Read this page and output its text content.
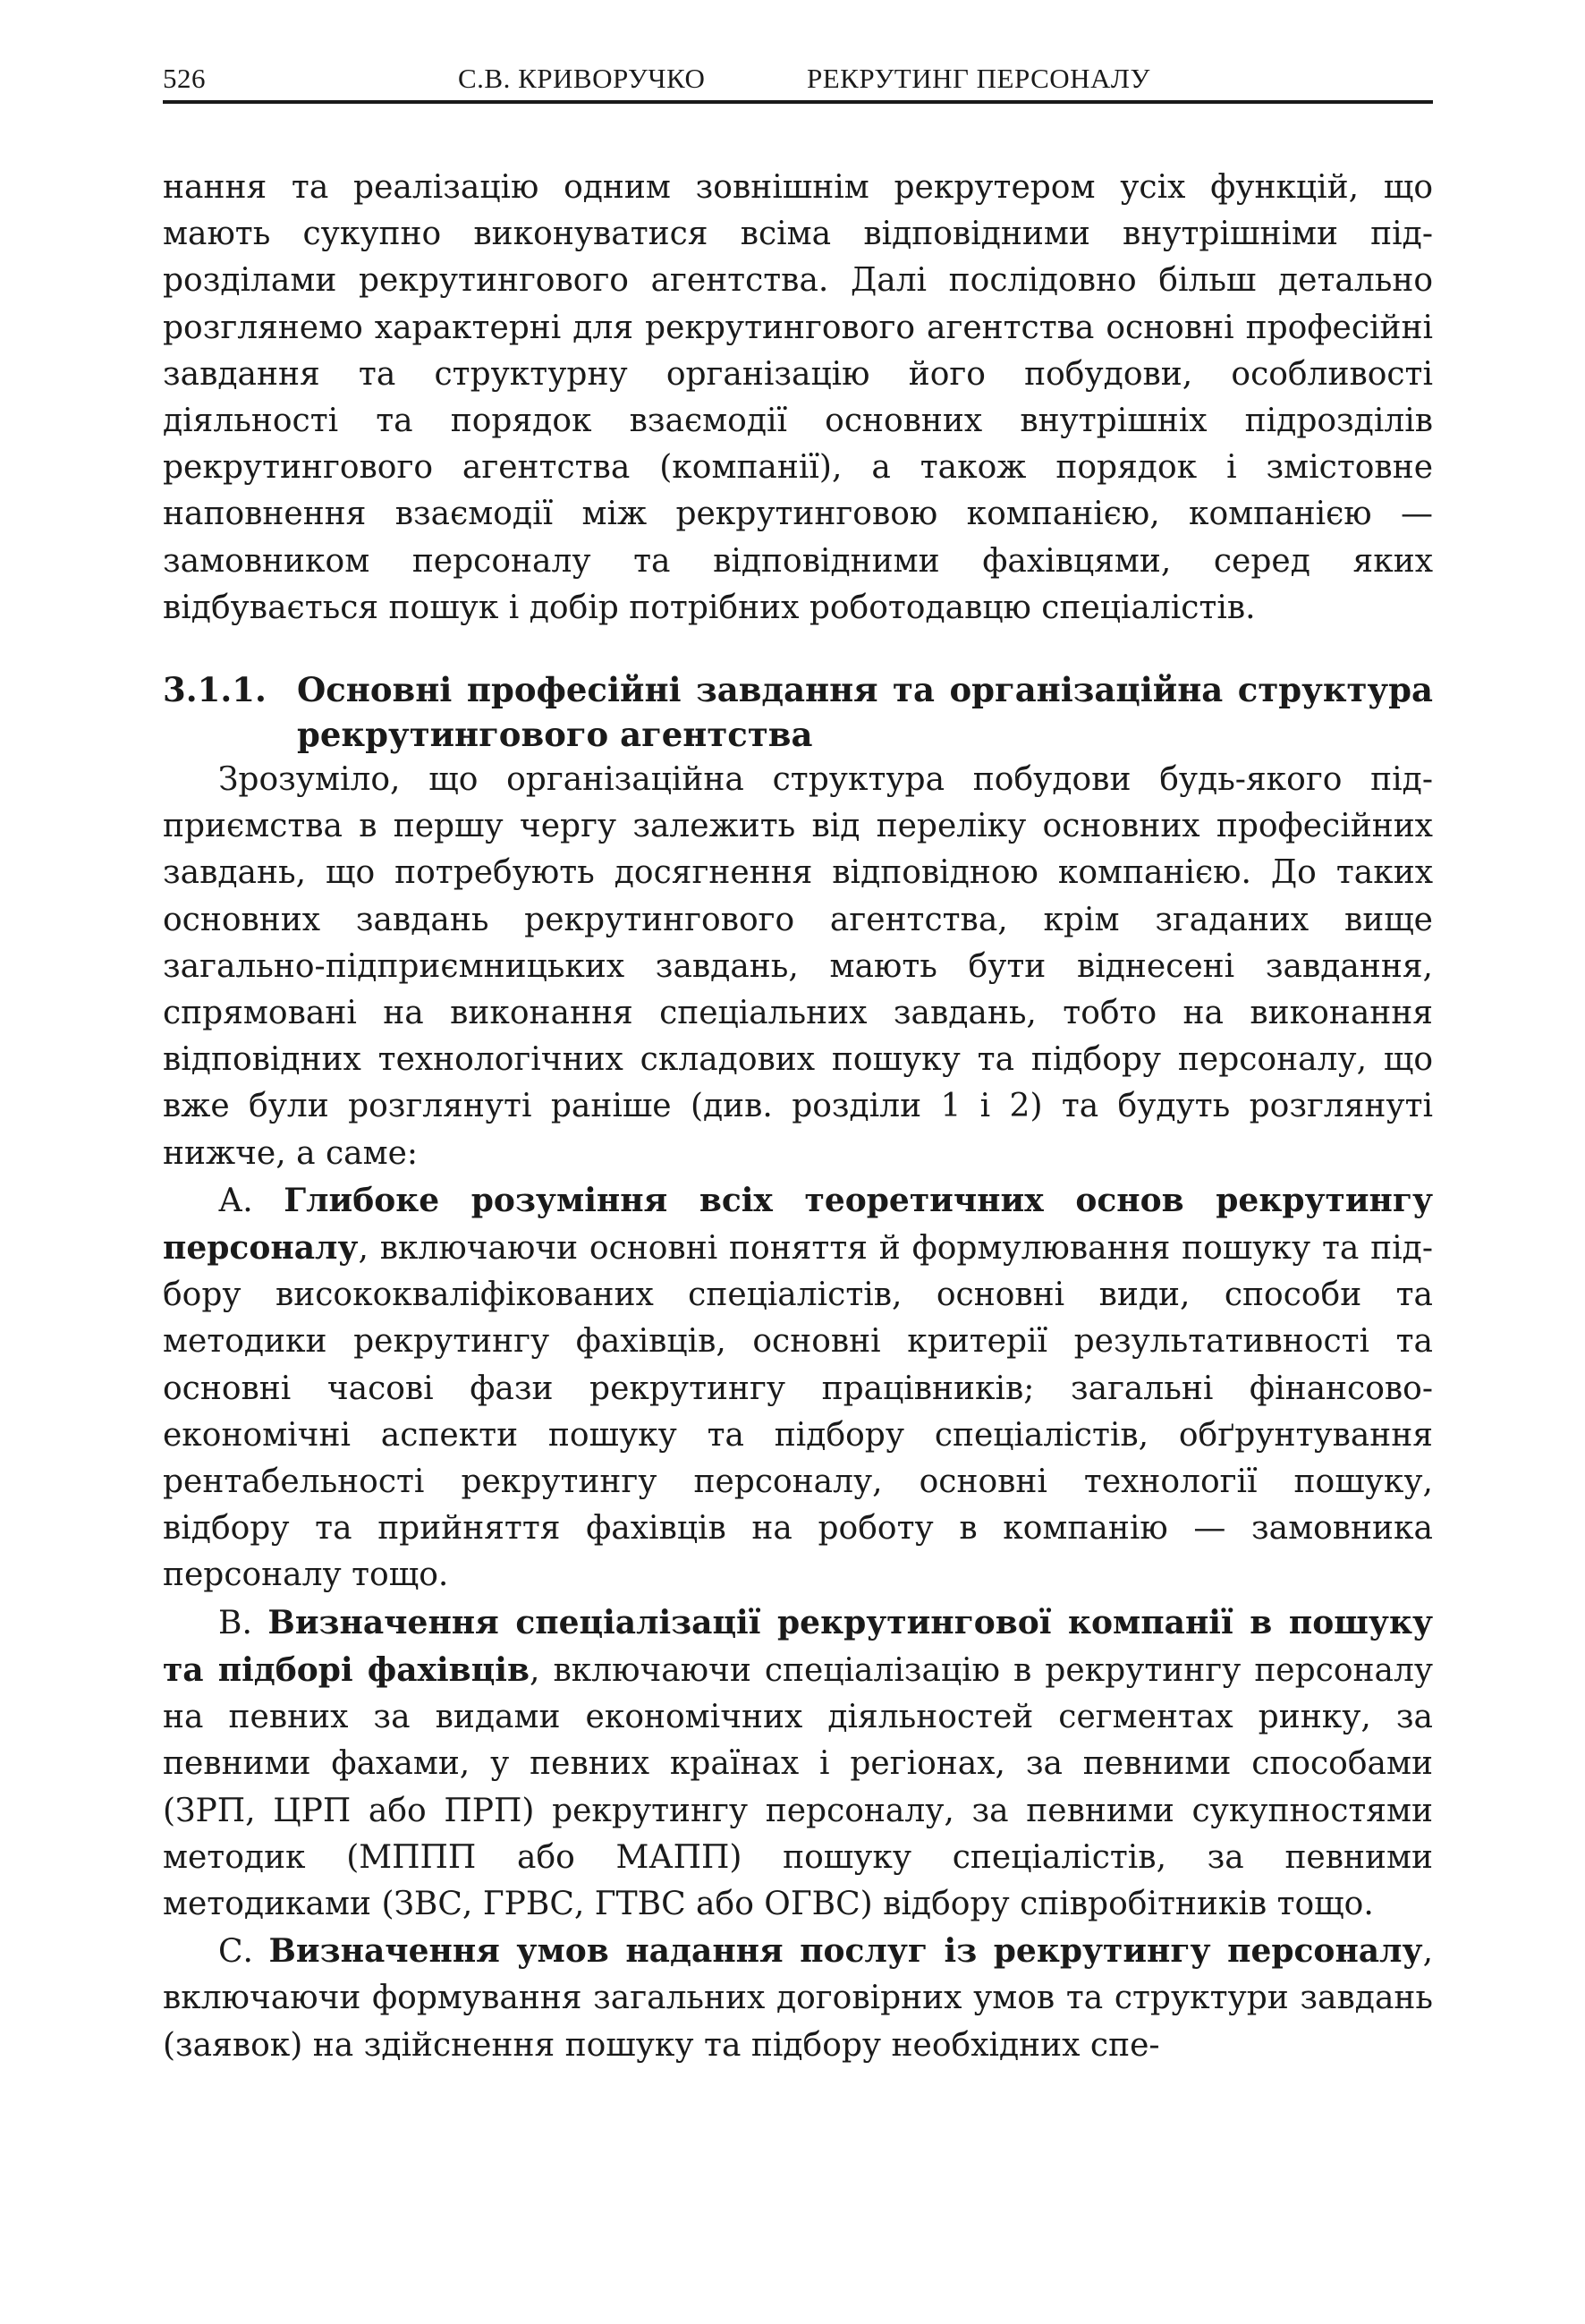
526	С.В. КРИВОРУЧКО	РЕКРУТИНГ ПЕРСОНАЛУ

нання та реалізацію одним зовнішнім рекрутером усіх функцій, що мають сукупно виконуватися всіма відповідними внутрішніми підрозділами рекрутингового агентства. Далі послідовно більш детально розглянемо характерні для рекрутингового агентства основні професійні завдання та структурну організацію його побудови, особливості діяльності та порядок взаємодії основних внутрішніх підрозділів рекрутингового агентства (компанії), а також порядок і змістовне наповнення взаємодії між рекрутинговою компанією, компанією — замовником персоналу та відповідними фахівцями, серед яких відбувається пошук і добір потрібних роботодавцю спеціалістів.

3.1.1. Основні професійні завдання та організаційна структура рекрутингового агентства

Зрозуміло, що організаційна структура побудови будь-якого підприємства в першу чергу залежить від переліку основних професійних завдань, що потребують досягнення відповідною компанією. До таких основних завдань рекрутингового агентства, крім згаданих вище загально-підприємницьких завдань, мають бути віднесені завдання, спрямовані на виконання спеціальних завдань, тобто на виконання відповідних технологічних складових пошуку та підбору персоналу, що вже були розглянуті раніше (див. розділи 1 і 2) та будуть розглянуті нижче, а саме:

А. Глибоке розуміння всіх теоретичних основ рекрутингу персоналу, включаючи основні поняття й формулювання пошуку та підбору висококваліфікованих спеціалістів, основні види, способи та методики рекрутингу фахівців, основні критерії результативності та основні часові фази рекрутингу працівників; загальні фінансово-економічні аспекти пошуку та підбору спеціалістів, обґрунтування рентабельності рекрутингу персоналу, основні технології пошуку, відбору та прийняття фахівців на роботу в компанію — замовника персоналу тощо.

В. Визначення спеціалізації рекрутингової компанії в пошуку та підборі фахівців, включаючи спеціалізацію в рекрутингу персоналу на певних за видами економічних діяльностей сегментах ринку, за певними фахами, у певних країнах і регіонах, за певними способами (ЗРП, ЦРП або ПРП) рекрутингу персоналу, за певними сукупностями методик (МППП або МАПП) пошуку спеціалістів, за певними методиками (ЗВС, ГРВС, ГТВС або ОГВС) відбору співробітників тощо.

С. Визначення умов надання послуг із рекрутингу персоналу, включаючи формування загальних договірних умов та структури завдань (заявок) на здійснення пошуку та підбору необхідних спе-
